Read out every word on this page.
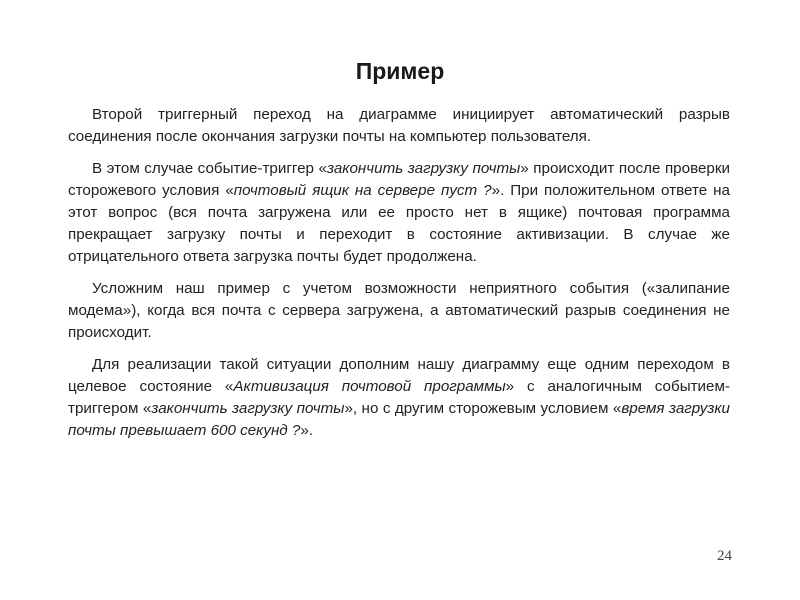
Пример

Второй триггерный переход на диаграмме инициирует автоматический разрыв соединения после окончания загрузки почты на компьютер пользователя.

В этом случае событие-триггер «закончить загрузку почты» происходит после проверки сторожевого условия «почтовый ящик на сервере пуст ?». При положительном ответе на этот вопрос (вся почта загружена или ее просто нет в ящике) почтовая программа прекращает загрузку почты и переходит в состояние активизации. В случае же отрицательного ответа загрузка почты будет продолжена.

Усложним наш пример с учетом возможности неприятного события («залипание модема»), когда вся почта с сервера загружена, а автоматический разрыв соединения не происходит.

Для реализации такой ситуации дополним нашу диаграмму еще одним переходом в целевое состояние «Активизация почтовой программы» с аналогичным событием-триггером «закончить загрузку почты», но с другим сторожевым условием «время загрузки почты превышает 600 секунд ?».

24
